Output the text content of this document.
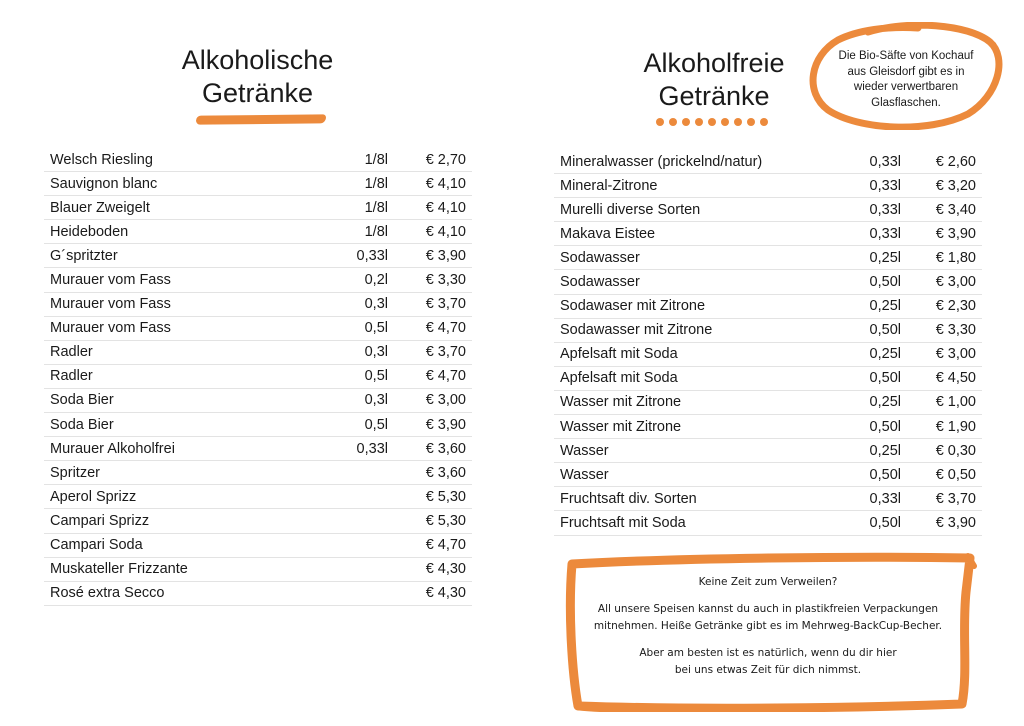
Alkoholische
Getränke
Alkoholfreie
Getränke
Die Bio-Säfte von Kochauf
aus Gleisdorf gibt es in
wieder verwertbaren
Glasflaschen.
Welsch Riesling	1/8l	€ 2,70
Sauvignon blanc	1/8l	€ 4,10
Blauer Zweigelt	1/8l	€ 4,10
Heideboden	1/8l	€ 4,10
G´spritzter	0,33l	€ 3,90
Murauer vom Fass	0,2l	€ 3,30
Murauer vom Fass	0,3l	€ 3,70
Murauer vom Fass	0,5l	€ 4,70
Radler	0,3l	€ 3,70
Radler	0,5l	€ 4,70
Soda Bier	0,3l	€ 3,00
Soda Bier	0,5l	€ 3,90
Murauer Alkoholfrei	0,33l	€ 3,60
Spritzer		€ 3,60
Aperol Sprizz		€ 5,30
Campari Sprizz		€ 5,30
Campari Soda		€ 4,70
Muskateller Frizzante		€ 4,30
Rosé extra Secco		€ 4,30
Mineralwasser (prickelnd/natur)	0,33l	€ 2,60
Mineral-Zitrone	0,33l	€ 3,20
Murelli diverse Sorten	0,33l	€ 3,40
Makava Eistee	0,33l	€ 3,90
Sodawasser	0,25l	€ 1,80
Sodawasser	0,50l	€ 3,00
Sodawaser mit Zitrone	0,25l	€ 2,30
Sodawasser mit Zitrone	0,50l	€ 3,30
Apfelsaft mit Soda	0,25l	€ 3,00
Apfelsaft mit Soda	0,50l	€ 4,50
Wasser mit Zitrone	0,25l	€ 1,00
Wasser mit Zitrone	0,50l	€ 1,90
Wasser	0,25l	€ 0,30
Wasser	0,50l	€ 0,50
Fruchtsaft div. Sorten	0,33l	€ 3,70
Fruchtsaft mit Soda	0,50l	€ 3,90

Keine Zeit zum Verweilen?

All unsere Speisen kannst du auch in plastikfreien Verpackungen
mitnehmen. Heiße Getränke gibt es im Mehrweg-BackCup-Becher.

Aber am besten ist es natürlich, wenn du dir hier
bei uns etwas Zeit für dich nimmst.
